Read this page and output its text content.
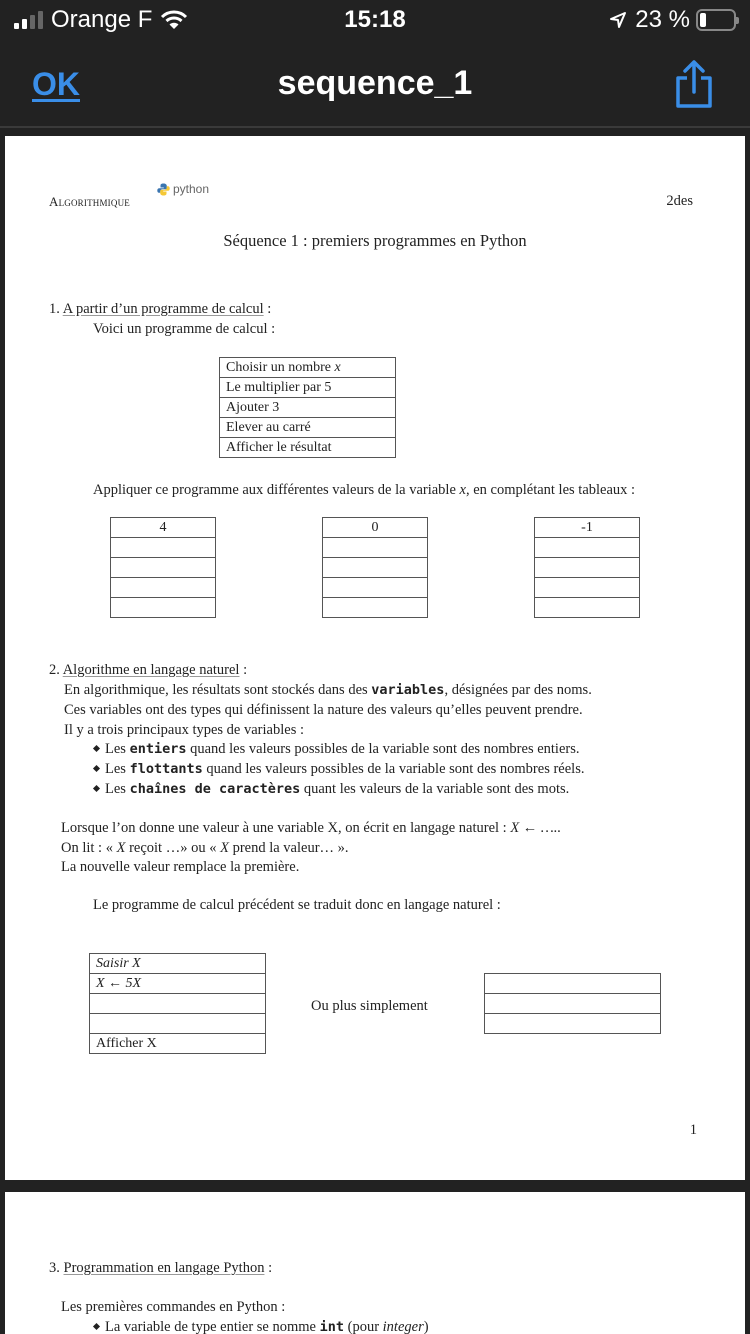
Orange F	15:18	23 %
OK	sequence_1
Algorithmique
python
2des
Séquence 1 : premiers programmes en Python
1. A partir d’un programme de calcul :
Voici un programme de calcul :
Choisir un nombre x
Le multiplier par 5
Ajouter 3
Elever au carré
Afficher le résultat
Appliquer ce programme aux différentes valeurs de la variable x, en complétant les tableaux :
4	0	-1

2. Algorithme en langage naturel :
En algorithmique, les résultats sont stockés dans des variables, désignées par des noms.
Ces variables ont des types qui définissent la nature des valeurs qu’elles peuvent prendre.
Il y a trois principaux types de variables :
Les entiers quand les valeurs possibles de la variable sont des nombres entiers.
Les flottants quand les valeurs possibles de la variable sont des nombres réels.
Les chaînes de caractères quant les valeurs de la variable sont des mots.
Lorsque l’on donne une valeur à une variable X, on écrit en langage naturel : X ← …..
On lit : « X reçoit …» ou « X prend la valeur… ».
La nouvelle valeur remplace la première.
Le programme de calcul précédent se traduit donc en langage naturel :
Saisir X
X ← 5X

Afficher X
Ou plus simplement

1
3. Programmation en langage Python :
Les premières commandes en Python :
La variable de type entier se nomme int (pour integer)
